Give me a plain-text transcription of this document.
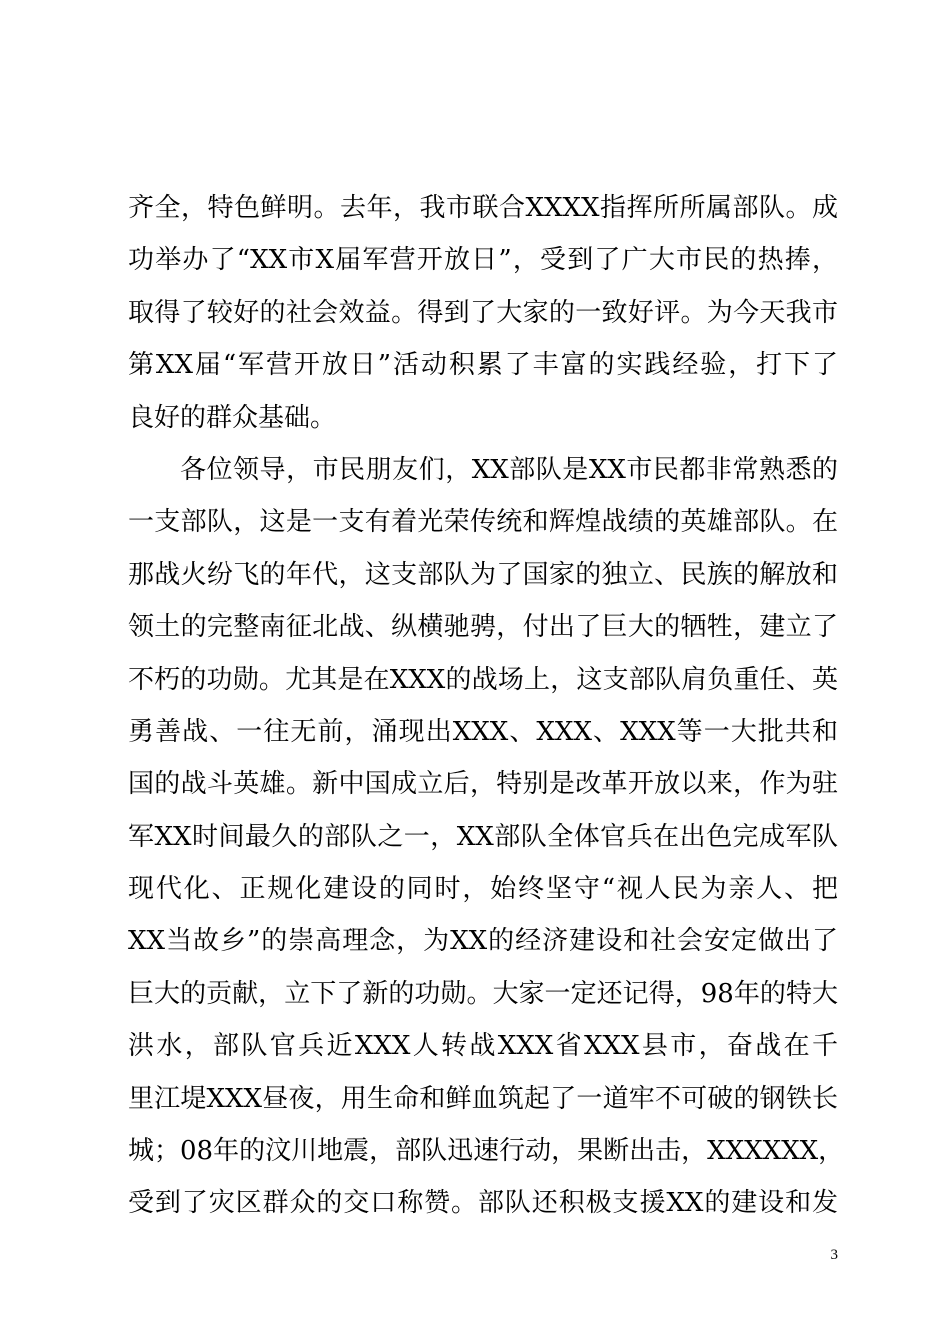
齐全，特色鲜明。去年，我市联合XXXX指挥所所属部队。成
功举办了“XX市X届军营开放日”，受到了广大市民的热捧，
取得了较好的社会效益。得到了大家的一致好评。为今天我市
第XX届“军营开放日”活动积累了丰富的实践经验，打下了
良好的群众基础。
各位领导，市民朋友们，XX部队是XX市民都非常熟悉的
一支部队，这是一支有着光荣传统和辉煌战绩的英雄部队。在
那战火纷飞的年代，这支部队为了国家的独立、民族的解放和
领土的完整南征北战、纵横驰骋，付出了巨大的牺牲，建立了
不朽的功勋。尤其是在XXX的战场上，这支部队肩负重任、英
勇善战、一往无前，涌现出XXX、XXX、XXX等一大批共和
国的战斗英雄。新中国成立后，特别是改革开放以来，作为驻
军XX时间最久的部队之一，XX部队全体官兵在出色完成军队
现代化、正规化建设的同时，始终坚守“视人民为亲人、把
XX当故乡”的崇高理念，为XX的经济建设和社会安定做出了
巨大的贡献，立下了新的功勋。大家一定还记得，98年的特大
洪水，部队官兵近XXX人转战XXX省XXX县市，奋战在千
里江堤XXX昼夜，用生命和鲜血筑起了一道牢不可破的钢铁长
城；08年的汶川地震，部队迅速行动，果断出击，XXXXXX，
受到了灾区群众的交口称赞。部队还积极支援XX的建设和发
3
